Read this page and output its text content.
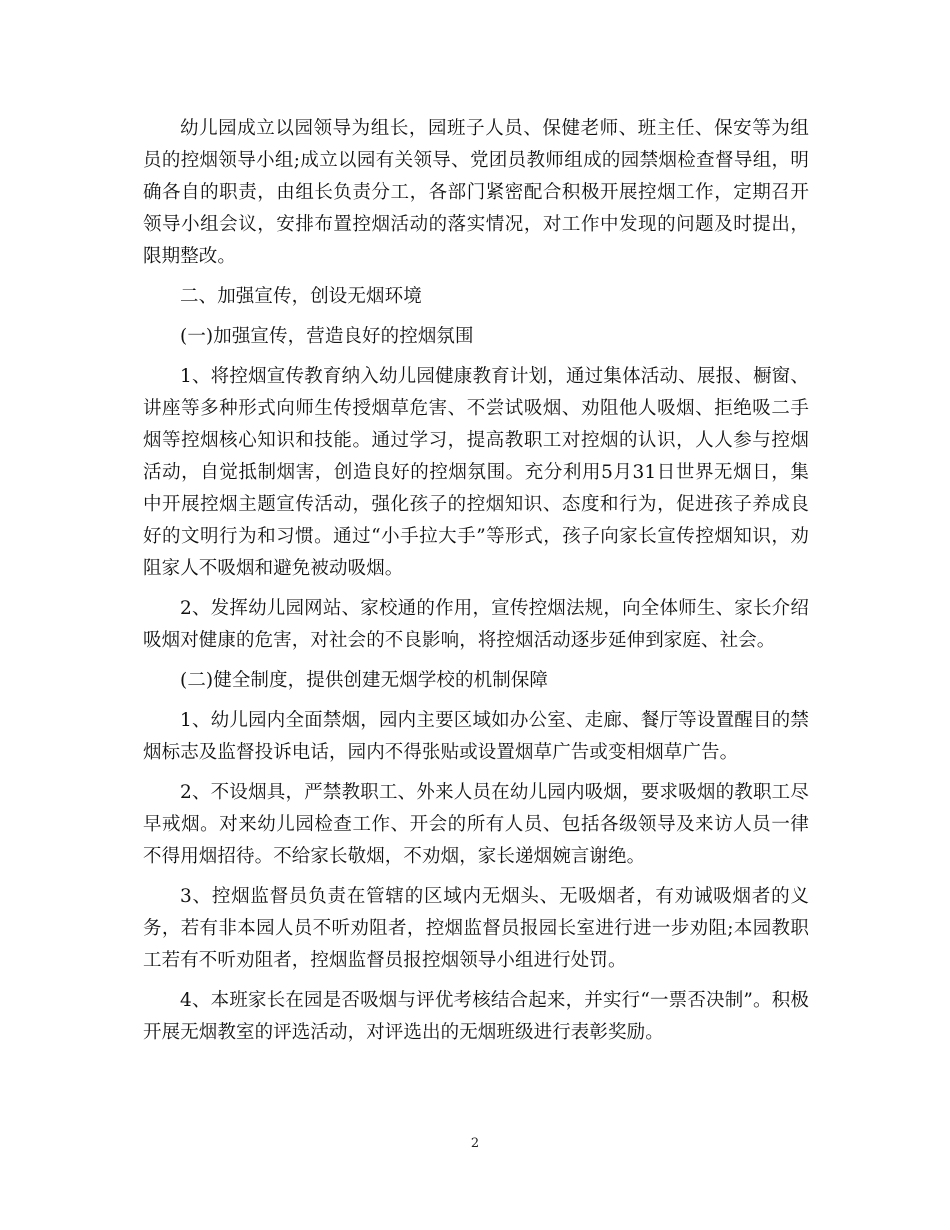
幼儿园成立以园领导为组长，园班子人员、保健老师、班主任、保安等为组员的控烟领导小组;成立以园有关领导、党团员教师组成的园禁烟检查督导组，明确各自的职责，由组长负责分工，各部门紧密配合积极开展控烟工作，定期召开领导小组会议，安排布置控烟活动的落实情况，对工作中发现的问题及时提出，限期整改。

二、加强宣传，创设无烟环境

(一)加强宣传，营造良好的控烟氛围

1、将控烟宣传教育纳入幼儿园健康教育计划，通过集体活动、展报、橱窗、讲座等多种形式向师生传授烟草危害、不尝试吸烟、劝阻他人吸烟、拒绝吸二手烟等控烟核心知识和技能。通过学习，提高教职工对控烟的认识，人人参与控烟活动，自觉抵制烟害，创造良好的控烟氛围。充分利用5月31日世界无烟日，集中开展控烟主题宣传活动，强化孩子的控烟知识、态度和行为，促进孩子养成良好的文明行为和习惯。通过“小手拉大手”等形式，孩子向家长宣传控烟知识，劝阻家人不吸烟和避免被动吸烟。

2、发挥幼儿园网站、家校通的作用，宣传控烟法规，向全体师生、家长介绍吸烟对健康的危害，对社会的不良影响，将控烟活动逐步延伸到家庭、社会。

(二)健全制度，提供创建无烟学校的机制保障

1、幼儿园内全面禁烟，园内主要区域如办公室、走廊、餐厅等设置醒目的禁烟标志及监督投诉电话，园内不得张贴或设置烟草广告或变相烟草广告。

2、不设烟具，严禁教职工、外来人员在幼儿园内吸烟，要求吸烟的教职工尽早戒烟。对来幼儿园检查工作、开会的所有人员、包括各级领导及来访人员一律不得用烟招待。不给家长敬烟，不劝烟，家长递烟婉言谢绝。

3、控烟监督员负责在管辖的区域内无烟头、无吸烟者，有劝诫吸烟者的义务，若有非本园人员不听劝阻者，控烟监督员报园长室进行进一步劝阻;本园教职工若有不听劝阻者，控烟监督员报控烟领导小组进行处罚。

4、本班家长在园是否吸烟与评优考核结合起来，并实行“一票否决制”。积极开展无烟教室的评选活动，对评选出的无烟班级进行表彰奖励。

2
